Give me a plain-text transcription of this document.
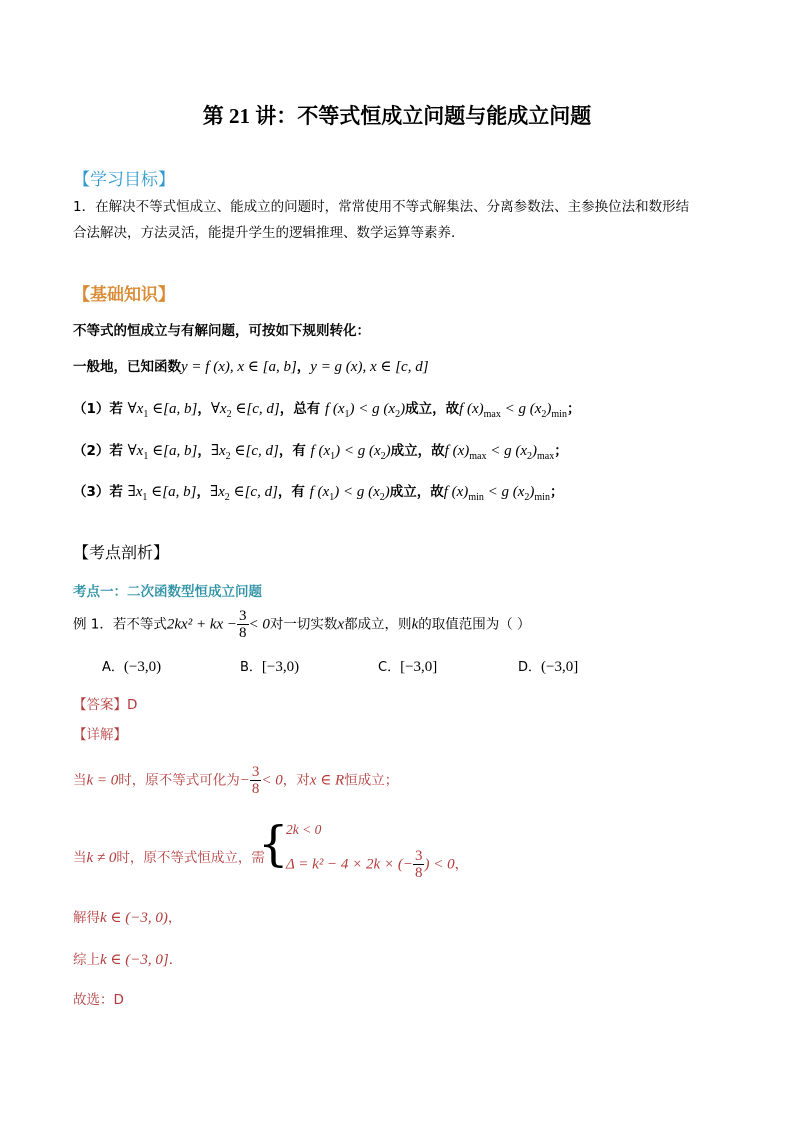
第 21 讲：不等式恒成立问题与能成立问题
【学习目标】
1．在解决不等式恒成立、能成立的问题时，常常使用不等式解集法、分离参数法、主参换位法和数形结
合法解决，方法灵活，能提升学生的逻辑推理、数学运算等素养．
【基础知识】
不等式的恒成立与有解问题，可按如下规则转化：
一般地，已知函数y = f (x), x ∈ [a, b]，y = g (x), x ∈ [c, d]
（1）若 $\forall x_1$ ∈[a, b]，$\forall x_2$ ∈[c, d]，总有 f $(x_1) < g$ $(x_2)$成立，故f $(x)_{max} < g$ $(x_2)_{min}$；
（2）若 $\forall x_1$ ∈[a, b]，$\exists x_2$ ∈[c, d]，有 f $(x_1) < g$ $(x_2)$成立，故f $(x)_{max} < g$ $(x_2)_{max}$；
（3）若 $\exists x_1$ ∈[a, b]，$\exists x_2$ ∈[c, d]，有 f $(x_1) < g$ $(x_2)$成立，故f $(x)_{min} < g$ $(x_2)_{min}$；
【考点剖析】
考点一：二次函数型恒成立问题
例 1．若不等式2kx² + kx − $\frac{3}{8} < 0$对一切实数x都成立，则k的取值范围为（ ）
A．(−3,0)	B．[−3,0)	C．[−3,0]	D．(−3,0]
【答案】D
【详解】
当k = 0时，原不等式可化为− $\frac{3}{8} < 0$，对x ∈ R恒成立；
当k ≠ 0时，原不等式恒成立，需
{
2k < 0
Δ = k² − 4 × 2k × (− $\frac{3}{8}$ ) < 0，
解得k ∈ (−3, 0)，
综上k ∈ (−3, 0]．
故选：D
